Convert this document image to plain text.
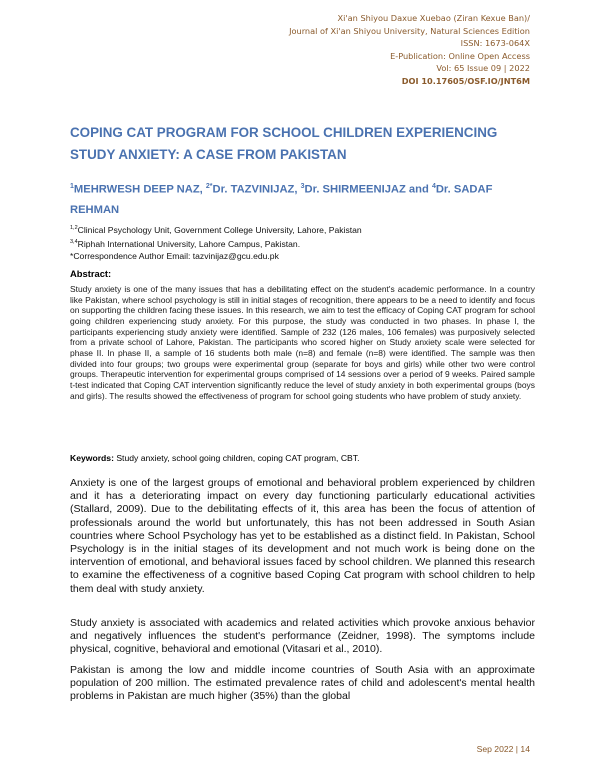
Xi'an Shiyou Daxue Xuebao (Ziran Kexue Ban)/
Journal of Xi'an Shiyou University, Natural Sciences Edition
ISSN: 1673-064X
E-Publication: Online Open Access
Vol: 65 Issue 09 | 2022
DOI 10.17605/OSF.IO/JNT6M
COPING CAT PROGRAM FOR SCHOOL CHILDREN EXPERIENCING STUDY ANXIETY: A CASE FROM PAKISTAN
$^1$MEHRWESH DEEP NAZ, $^{2*}$Dr. TAZVINIJAZ, $^3$Dr. SHIRMEENIJAZ and $^4$Dr. SADAF REHMAN
$^{1,2}$Clinical Psychology Unit, Government College University, Lahore, Pakistan
$^{3,4}$Riphah International University, Lahore Campus, Pakistan.
*Correspondence Author Email: tazvinijaz@gcu.edu.pk
Abstract:
Study anxiety is one of the many issues that has a debilitating effect on the student's academic performance. In a country like Pakistan, where school psychology is still in initial stages of recognition, there appears to be a need to identify and focus on supporting the children facing these issues. In this research, we aim to test the efficacy of Coping CAT program for school going children experiencing study anxiety. For this purpose, the study was conducted in two phases. In phase I, the participants experiencing study anxiety were identified. Sample of 232 (126 males, 106 females) was purposively selected from a private school of Lahore, Pakistan. The participants who scored higher on Study anxiety scale were selected for phase II. In phase II, a sample of 16 students both male (n=8) and female (n=8) were identified. The sample was then divided into four groups; two groups were experimental group (separate for boys and girls) while other two were control groups. Therapeutic intervention for experimental groups comprised of 14 sessions over a period of 9 weeks. Paired sample t-test indicated that Coping CAT intervention significantly reduce the level of study anxiety in both experimental groups (boys and girls). The results showed the effectiveness of program for school going students who have problem of study anxiety.
Keywords: Study anxiety, school going children, coping CAT program, CBT.
Anxiety is one of the largest groups of emotional and behavioral problem experienced by children and it has a deteriorating impact on every day functioning particularly educational activities (Stallard, 2009). Due to the debilitating effects of it, this area has been the focus of attention of professionals around the world but unfortunately, this has not been addressed in South Asian countries where School Psychology has yet to be established as a distinct field. In Pakistan, School Psychology is in the initial stages of its development and not much work is being done on the intervention of emotional, and behavioral issues faced by school children. We planned this research to examine the effectiveness of a cognitive based Coping Cat program with school children to help them deal with study anxiety.
Study anxiety is associated with academics and related activities which provoke anxious behavior and negatively influences the student's performance (Zeidner, 1998). The symptoms include physical, cognitive, behavioral and emotional (Vitasari et al., 2010).
Pakistan is among the low and middle income countries of South Asia with an approximate population of 200 million. The estimated prevalence rates of child and adolescent's mental health problems in Pakistan are much higher (35%) than the global
Sep 2022 | 14
